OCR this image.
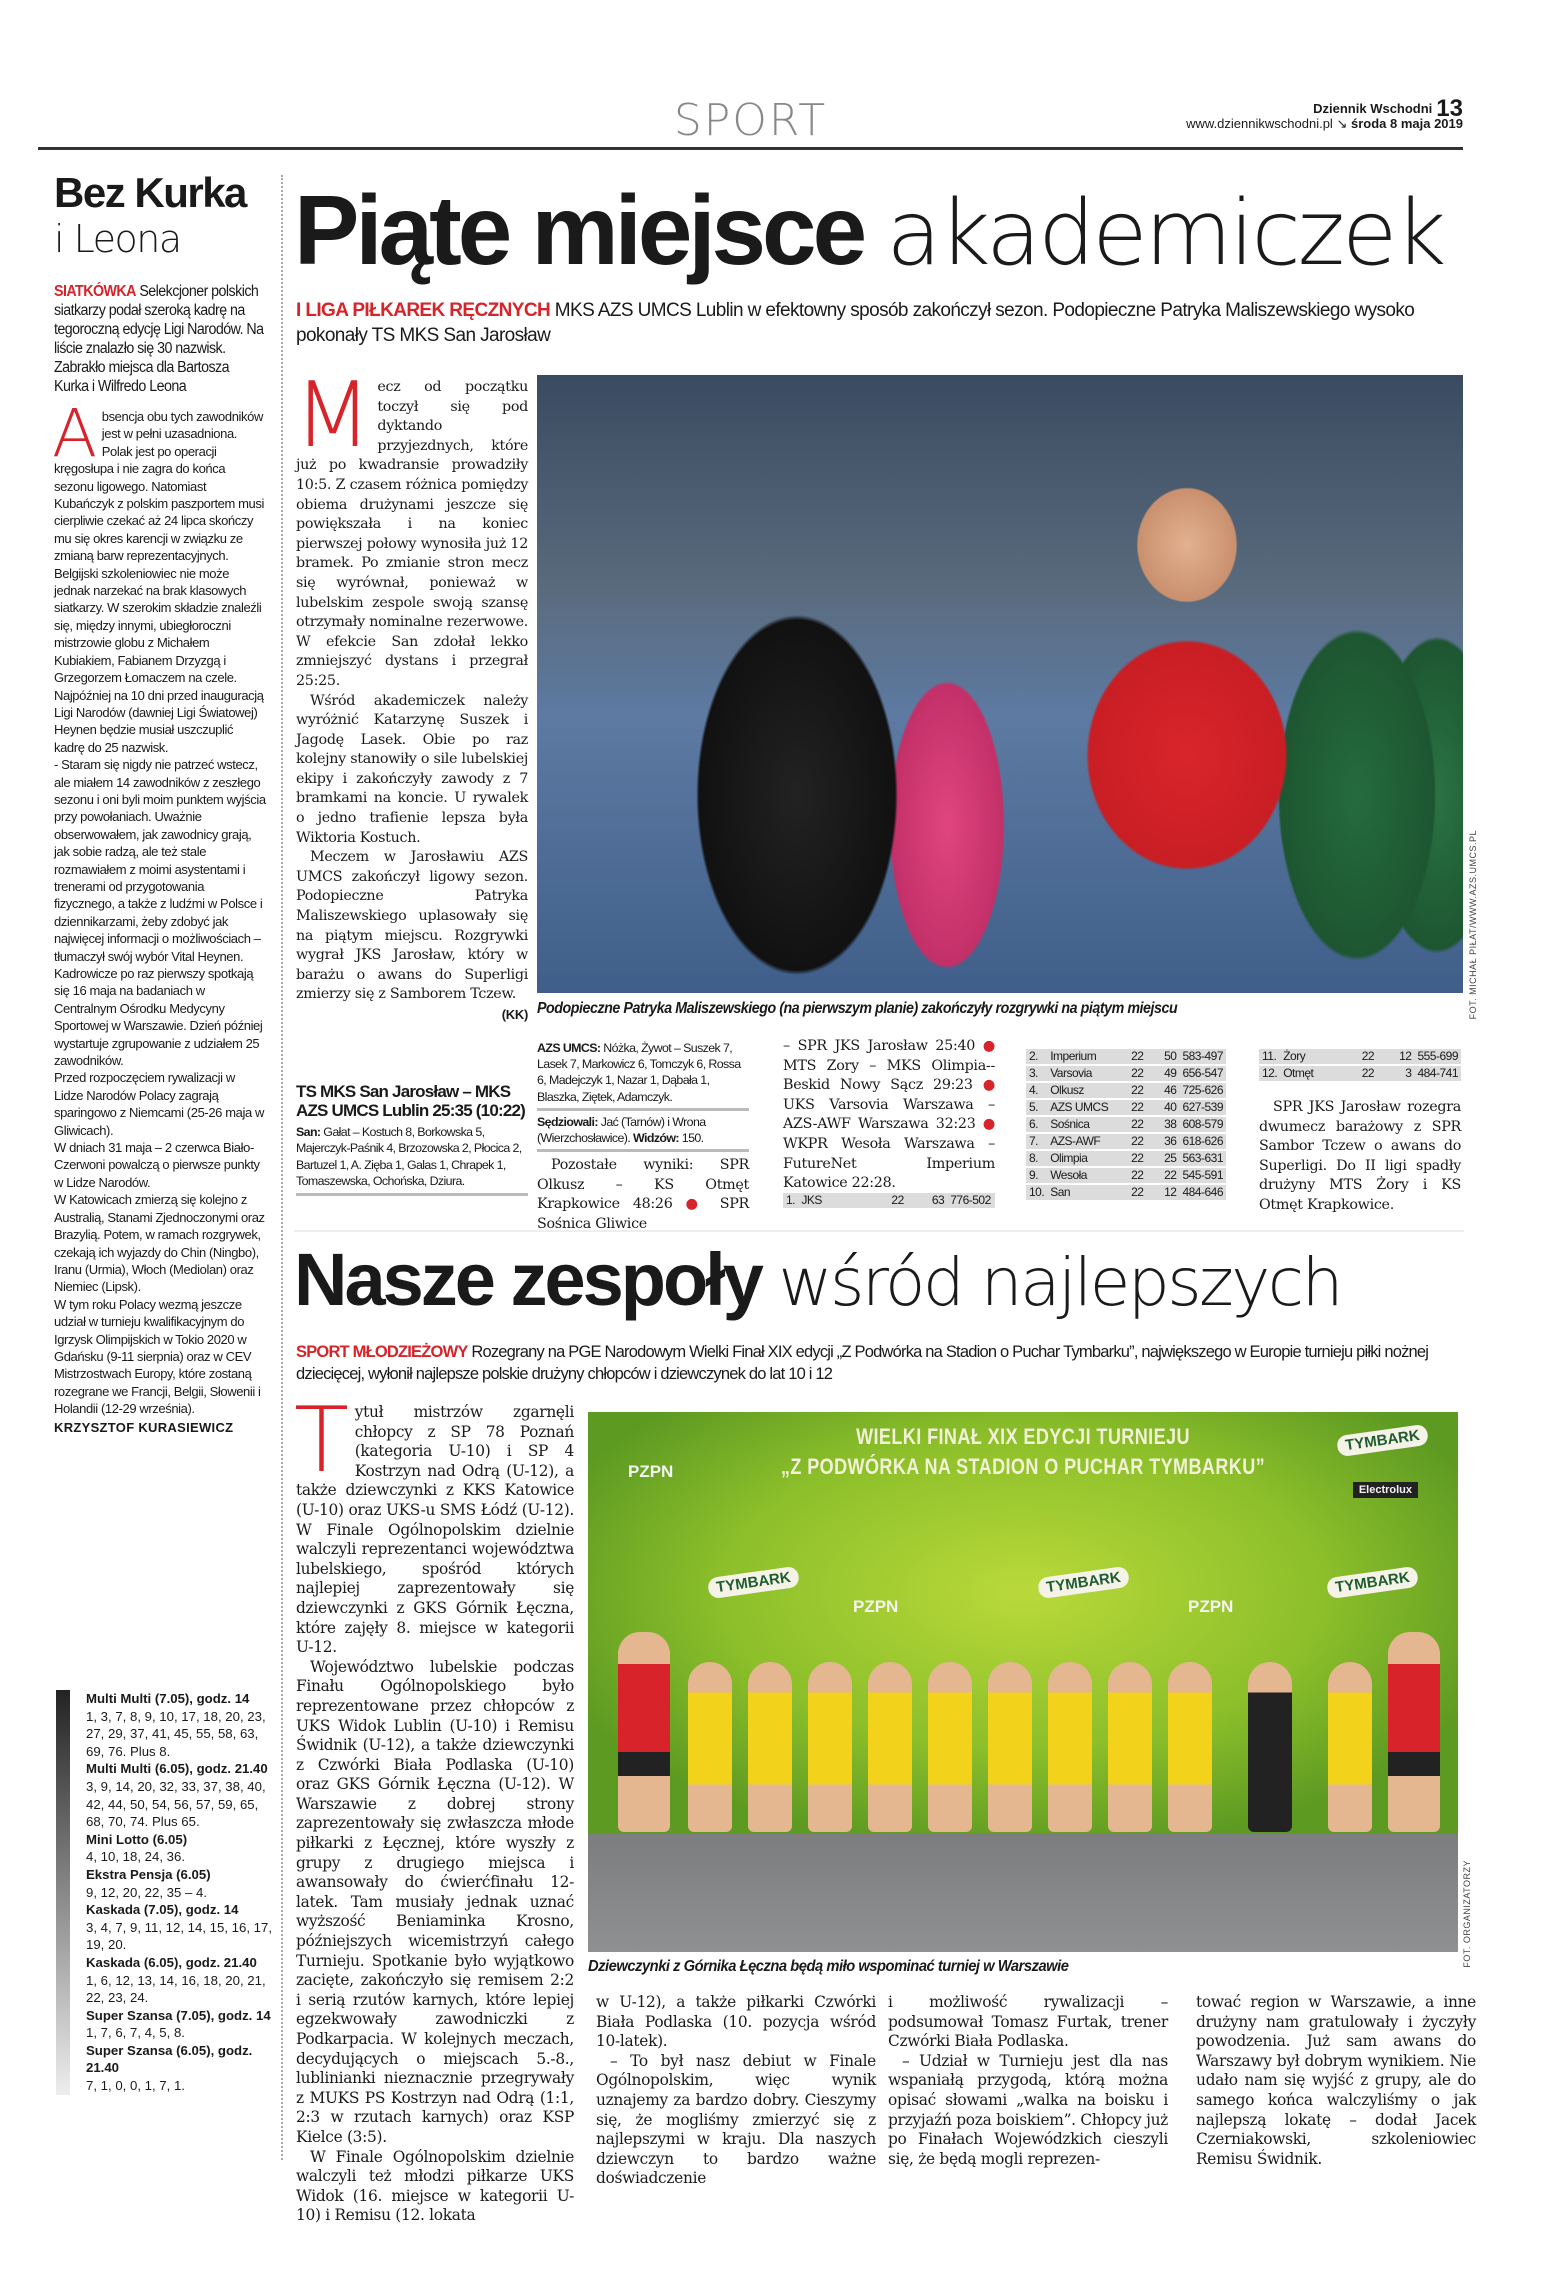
SPORT	Dziennik Wschodni 13
www.dziennikwschodni.pl ↘ środa 8 maja 2019
Bez Kurka
i Leona
SIATKÓWKA Selekcjoner polskich siatkarzy podał szeroką kadrę na tegoroczną edycję Ligi Narodów. Na liście znalazło się 30 nazwisk. Zabrakło miejsca dla Bartosza Kurka i Wilfredo Leona

Absencja obu tych zawodników jest w pełni uzasadniona. Polak jest po operacji kręgosłupa i nie zagra do końca sezonu ligowego. Natomiast Kubańczyk z polskim paszportem musi cierpliwie czekać aż 24 lipca skończy mu się okres karencji w związku ze zmianą barw reprezentacyjnych.

Belgijski szkoleniowiec nie może jednak narzekać na brak klasowych siatkarzy. W szerokim składzie znaleźli się, między innymi, ubiegłoroczni mistrzowie globu z Michałem Kubiakiem, Fabianem Drzyzgą i Grzegorzem Łomaczem na czele. Najpóźniej na 10 dni przed inauguracją Ligi Narodów (dawniej Ligi Światowej) Heynen będzie musiał uszczuplić kadrę do 25 nazwisk.

- Staram się nigdy nie patrzeć wstecz, ale miałem 14 zawodników z zeszłego sezonu i oni byli moim punktem wyjścia przy powołaniach. Uważnie obserwowałem, jak zawodnicy grają, jak sobie radzą, ale też stale rozmawiałem z moimi asystentami i trenerami od przygotowania fizycznego, a także z ludźmi w Polsce i dziennikarzami, żeby zdobyć jak najwięcej informacji o możliwościach – tłumaczył swój wybór Vital Heynen.

Kadrowicze po raz pierwszy spotkają się 16 maja na badaniach w Centralnym Ośrodku Medycyny Sportowej w Warszawie. Dzień później wystartuje zgrupowanie z udziałem 25 zawodników.

Przed rozpoczęciem rywalizacji w Lidze Narodów Polacy zagrają sparingowo z Niemcami (25-26 maja w Gliwicach).

W dniach 31 maja – 2 czerwca Biało-Czerwoni powalczą o pierwsze punkty w Lidze Narodów.

W Katowicach zmierzą się kolejno z Australią, Stanami Zjednoczonymi oraz Brazylią. Potem, w ramach rozgrywek, czekają ich wyjazdy do Chin (Ningbo), Iranu (Urmia), Włoch (Mediolan) oraz Niemiec (Lipsk).

W tym roku Polacy wezmą jeszcze udział w turnieju kwalifikacyjnym do Igrzysk Olimpijskich w Tokio 2020 w Gdańsku (9-11 sierpnia) oraz w CEV Mistrzostwach Europy, które zostaną rozegrane we Francji, Belgii, Słowenii i Holandii (12-29 września).

KRZYSZTOF KURASIEWICZ
Multi Multi (7.05), godz. 14
1, 3, 7, 8, 9, 10, 17, 18, 20, 23, 27, 29, 37, 41, 45, 55, 58, 63, 69, 76. Plus 8.
Multi Multi (6.05), godz. 21.40
3, 9, 14, 20, 32, 33, 37, 38, 40, 42, 44, 50, 54, 56, 57, 59, 65, 68, 70, 74. Plus 65.
Mini Lotto (6.05)
4, 10, 18, 24, 36.
Ekstra Pensja (6.05)
9, 12, 20, 22, 35 – 4.
Kaskada (7.05), godz. 14
3, 4, 7, 9, 11, 12, 14, 15, 16, 17, 19, 20.
Kaskada (6.05), godz. 21.40
1, 6, 12, 13, 14, 16, 18, 20, 21, 22, 23, 24.
Super Szansa (7.05), godz. 14
1, 7, 6, 7, 4, 5, 8.
Super Szansa (6.05), godz. 21.40
7, 1, 0, 0, 1, 7, 1.
Piąte miejsce akademiczek
I LIGA PIŁKAREK RĘCZNYCH MKS AZS UMCS Lublin w efektowny sposób zakończył sezon. Podopieczne Patryka Maliszewskiego wysoko pokonały TS MKS San Jarosław

Mecz od początku toczył się pod dyktando przyjezdnych, które już po kwadransie prowadziły 10:5. Z czasem różnica pomiędzy obiema drużynami jeszcze się powiększała i na koniec pierwszej połowy wynosiła już 12 bramek. Po zmianie stron mecz się wyrównał, ponieważ w lubelskim zespole swoją szansę otrzymały nominalne rezerwowe. W efekcie San zdołał lekko zmniejszyć dystans i przegrał 25:25.

Wśród akademiczek należy wyróżnić Katarzynę Suszek i Jagodę Lasek. Obie po raz kolejny stanowiły o sile lubelskiej ekipy i zakończyły zawody z 7 bramkami na koncie. U rywalek o jedno trafienie lepsza była Wiktoria Kostuch.

Meczem w Jarosławiu AZS UMCS zakończył ligowy sezon. Podopieczne Patryka Maliszewskiego uplasowały się na piątym miejscu. Rozgrywki wygrał JKS Jarosław, który w barażu o awans do Superligi zmierzy się z Samborem Tczew.

(KK)
TS MKS San Jarosław – MKS AZS UMCS Lublin 25:35 (10:22)
San: Gałat – Kostuch 8, Borkowska 5, Majerczyk-Paśnik 4, Brzozowska 2, Płocica 2, Bartuzel 1, A. Zięba 1, Galas 1, Chrapek 1, Tomaszewska, Ochońska, Dziura.
FOT. MICHAŁ PIŁAT/WWW.AZS.UMCS.PL
Podopieczne Patryka Maliszewskiego (na pierwszym planie) zakończyły rozgrywki na piątym miejscu
AZS UMCS: Nóżka, Żywot – Suszek 7, Lasek 7, Markowicz 6, Tomczyk 6, Rossa 6, Madejczyk 1, Nazar 1, Dąbała 1, Blaszka, Ziętek, Adamczyk.
Sędziowali: Jać (Tarnów) i Wrona (Wierzchosławice). Widzów: 150.

Pozostałe wyniki: SPR Olkusz – KS Otmęt Krapkowice 48:26 ● SPR Sośnica Gliwice

– SPR JKS Jarosław 25:40 ● MTS Zory – MKS Olimpia--Beskid Nowy Sącz 29:23 ● UKS Varsovia Warszawa – AZS-AWF Warszawa 32:23 ● WKPR Wesoła Warszawa – FutureNet Imperium Katowice 22:28.

1.	JKS	22	63	776-502
2.	Imperium	22	50	583-497
3.	Varsovia	22	49	656-547
4.	Olkusz	22	46	725-626
5.	AZS UMCS	22	40	627-539
6.	Sośnica	22	38	608-579
7.	AZS-AWF	22	36	618-626
8.	Olimpia	22	25	563-631
9.	Wesoła	22	22	545-591
10.	San	22	12	484-646
11.	Żory	22	12	555-699
12.	Otmęt	22	3	484-741

SPR JKS Jarosław rozegra dwumecz barażowy z SPR Sambor Tczew o awans do Superligi. Do II ligi spadły drużyny MTS Żory i KS Otmęt Krapkowice.

Nasze zespoły wśród najlepszych
SPORT MŁODZIEŻOWY Rozegrany na PGE Narodowym Wielki Finał XIX edycji „Z Podwórka na Stadion o Puchar Tymbarku”, największego w Europie turnieju piłki nożnej dziecięcej, wyłonił najlepsze polskie drużyny chłopców i dziewczynek do lat 10 i 12

Tytuł mistrzów zgarnęli chłopcy z SP 78 Poznań (kategoria U-10) i SP 4 Kostrzyn nad Odrą (U-12), a także dziewczynki z KKS Katowice (U-10) oraz UKS-u SMS Łódź (U-12). W Finale Ogólnopolskim dzielnie walczyli reprezentanci województwa lubelskiego, spośród których najlepiej zaprezentowały się dziewczynki z GKS Górnik Łęczna, które zajęły 8. miejsce w kategorii U-12.

Województwo lubelskie podczas Finału Ogólnopolskiego było reprezentowane przez chłopców z UKS Widok Lublin (U-10) i Remisu Świdnik (U-12), a także dziewczynki z Czwórki Biała Podlaska (U-10) oraz GKS Górnik Łęczna (U-12). W Warszawie z dobrej strony zaprezentowały się zwłaszcza młode piłkarki z Łęcznej, które wyszły z grupy z drugiego miejsca i awansowały do ćwierćfinału 12-latek. Tam musiały jednak uznać wyższość Beniaminka Krosno, późniejszych wicemistrzyń całego Turnieju. Spotkanie było wyjątkowo zacięte, zakończyło się remisem 2:2 i serią rzutów karnych, które lepiej egzekwowały zawodniczki z Podkarpacia. W kolejnych meczach, decydujących o miejscach 5.-8., lublinianki nieznacznie przegrywały z MUKS PS Kostrzyn nad Odrą (1:1, 2:3 w rzutach karnych) oraz KSP Kielce (3:5).

W Finale Ogólnopolskim dzielnie walczyli też młodzi piłkarze UKS Widok (16. miejsce w kategorii U-10) i Remisu (12. lokata

WIELKI FINAŁ XIX EDYCJI TURNIEJU
„Z PODWÓRKA NA STADION O PUCHAR TYMBARKU”
TYMBARK
TYMBARK	TYMBARK	TYMBARK
PZPN
PZPN	PZPN
Electrolux
FOT. ORGANIZATORZY
Dziewczynki z Górnika Łęczna będą miło wspominać turniej w Warszawie

w U-12), a także piłkarki Czwórki Biała Podlaska (10. pozycja wśród 10-latek).

– To był nasz debiut w Finale Ogólnopolskim, więc wynik uznajemy za bardzo dobry. Cieszymy się, że mogliśmy zmierzyć się z najlepszymi w kraju. Dla naszych dziewczyn to bardzo ważne doświadczenie

i możliwość rywalizacji – podsumował Tomasz Furtak, trener Czwórki Biała Podlaska.

– Udział w Turnieju jest dla nas wspaniałą przygodą, którą można opisać słowami „walka na boisku i przyjaźń poza boiskiem”. Chłopcy już po Finałach Wojewódzkich cieszyli się, że będą mogli reprezen-

tować region w Warszawie, a inne drużyny nam gratulowały i życzyły powodzenia. Już sam awans do Warszawy był dobrym wynikiem. Nie udało nam się wyjść z grupy, ale do samego końca walczyliśmy o jak najlepszą lokatę – dodał Jacek Czerniakowski, szkoleniowiec Remisu Świdnik.
